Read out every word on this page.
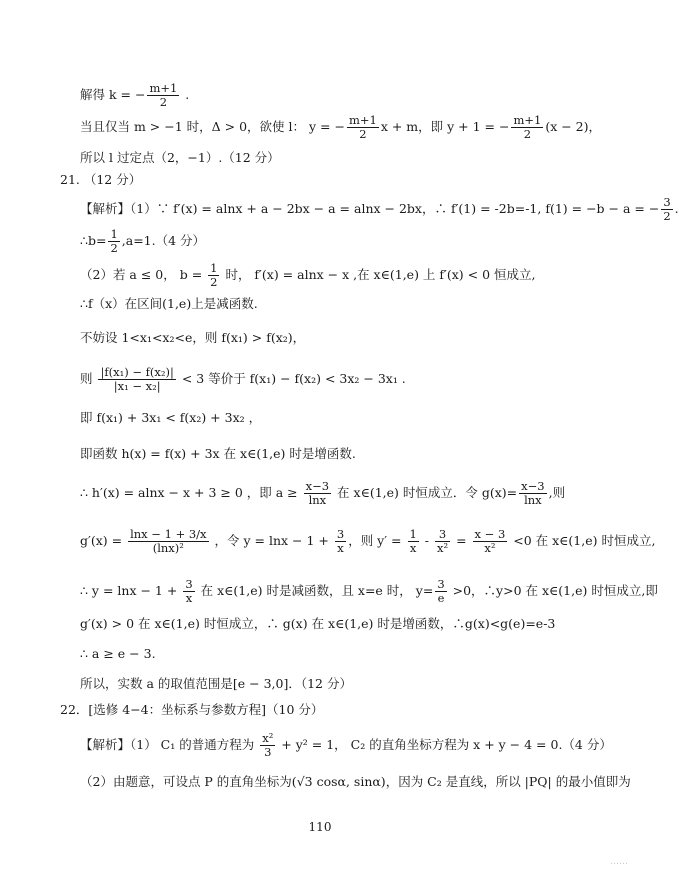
解得 k = − $\frac{m+1}{2}$ .
当且仅当 m > −1 时，Δ > 0，欲使 l： y = − $\frac{m+1}{2}$ x + m，即 y + 1 = − $\frac{m+1}{2} (x - 2)$，
所以 l 过定点（2，−1）.（12 分）
21. （12 分）
【解析】（1）∵ f′(x) = alnx + a − 2bx − a = alnx − 2bx，∴ f′(1) = -2b=-1, f(1) = −b − a = − $\frac{3}{2}$ .
∴b= $\frac{1}{2} ,a=1.(4$ 分）
（2）若 a ≤ 0， $b = \frac{1}{2}$ 时， f′(x) = alnx − x ,在 x∈(1,e) 上 f′(x) < 0 恒成立,
∴f（x）在区间(1,e)上是减函数.
不妨设 1<x₁<x₂<e，则 f(x₁) > f(x₂)，
则 $\frac{\text{|f(x₁) − f(x₂)|}}{\text{|x₁ − x₂|}} < 3$ 等价于 f(x₁) − f(x₂) < 3x₂ − 3x₁ .
即 f(x₁) + 3x₁ < f(x₂) + 3x₂ ，
即函数 h(x) = f(x) + 3x 在 x∈(1,e) 时是增函数.
∴ h′(x) = alnx − x + 3 ≥ 0 ，即 $a \ge \frac{x-3}{\ln x}$ 在 x∈(1,e) 时恒成立．令 $g(x)= \frac{x-3}{\ln x}$ ,则
$g'(x) = \frac{\ln x - 1 + 3/x}{\text{(lnx)²}}$ ，令 $y = \ln x - 1 + \frac{3}{x}$ ，则 $y' = \frac{1}{x} - \frac{3}{\text{x²}} = \frac{x - 3}{\text{x²}} <0$ 在 x∈(1,e) 时恒成立,
∴ $y = \ln x - 1 + \frac{3}{x}$ 在 x∈(1,e) 时是减函数，且 x=e 时， $y= \frac{3}{e} >0$，∴y>0 在 x∈(1,e) 时恒成立,即
g′(x) > 0 在 x∈(1,e) 时恒成立，∴ g(x) 在 x∈(1,e) 时是增函数，∴g(x)<g(e)=e-3
∴ a ≥ e − 3.
所以，实数 a 的取值范围是[e − 3,0]．（12 分）
22．[选修 4−4：坐标系与参数方程]（10 分）
【解析】（1） C₁ 的普通方程为 $\frac{\text{x²}}{3} + y^2 = 1$， C₂ 的直角坐标方程为 x + y − 4 = 0.（4 分）
（2）由题意，可设点 P 的直角坐标为(√3 cosα, sinα)，因为 C₂ 是直线，所以 |PQ| 的最小值即为
110
……
